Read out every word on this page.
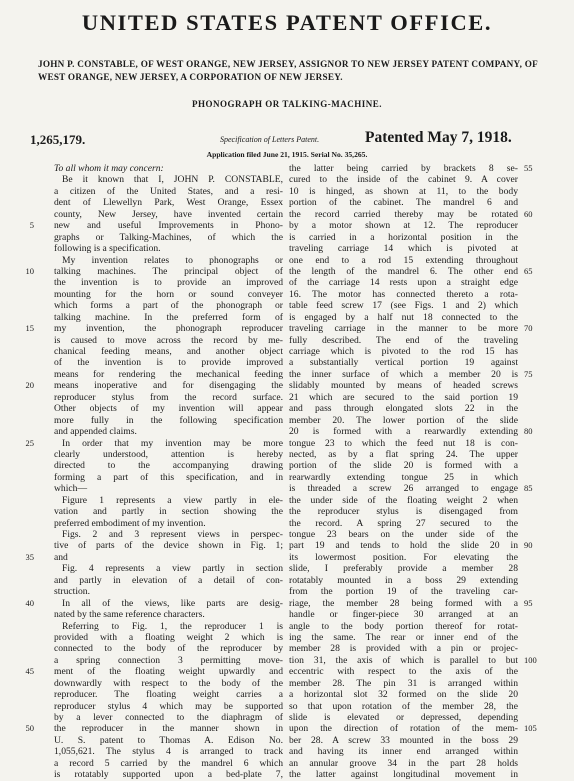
UNITED STATES PATENT OFFICE.
JOHN P. CONSTABLE, OF WEST ORANGE, NEW JERSEY, ASSIGNOR TO NEW JERSEY PATENT COMPANY, OF WEST ORANGE, NEW JERSEY, A CORPORATION OF NEW JERSEY.
PHONOGRAPH OR TALKING-MACHINE.
1,265,179.	Specification of Letters Patent.	Patented May 7, 1918.
Application filed June 21, 1915. Serial No. 35,265.
5
10
15
20
25
35
40
45
50
To all whom it may concern:
Be it known that I, JOHN P. CONSTABLE,
a citizen of the United States, and a resi-
dent of Llewellyn Park, West Orange, Essex
county, New Jersey, have invented certain
new and useful Improvements in Phono-
graphs or Talking-Machines, of which the
following is a specification.
My invention relates to phonographs or
talking machines. The principal object of
the invention is to provide an improved
mounting for the horn or sound conveyer
which forms a part of the phonograph or
talking machine. In the preferred form of
my invention, the phonograph reproducer
is caused to move across the record by me-
chanical feeding means, and another object
of the invention is to provide improved
means for rendering the mechanical feeding
means inoperative and for disengaging the
reproducer stylus from the record surface.
Other objects of my invention will appear
more fully in the following specification
and appended claims.
In order that my invention may be more
clearly understood, attention is hereby
directed to the accompanying drawing
forming a part of this specification, and in
which—
Figure 1 represents a view partly in ele-
vation and partly in section showing the
preferred embodiment of my invention.
Figs. 2 and 3 represent views in perspec-
tive of parts of the device shown in Fig. 1;
and
Fig. 4 represents a view partly in section
and partly in elevation of a detail of con-
struction.
In all of the views, like parts are desig-
nated by the same reference characters.
Referring to Fig. 1, the reproducer 1 is
provided with a floating weight 2 which is
connected to the body of the reproducer by
a spring connection 3 permitting move-
ment of the floating weight upwardly and
downwardly with respect to the body of the
reproducer. The floating weight carries a
reproducer stylus 4 which may be supported
by a lever connected to the diaphragm of
the reproducer in the manner shown in
U. S. patent to Thomas A. Edison No.
1,055,621. The stylus 4 is arranged to track
a record 5 carried by the mandrel 6 which
is rotatably supported upon a bed-plate 7,
the latter being carried by brackets 8 se-
cured to the inside of the cabinet 9. A cover
10 is hinged, as shown at 11, to the body
portion of the cabinet. The mandrel 6 and
the record carried thereby may be rotated
by a motor shown at 12. The reproducer
is carried in a horizontal position in the
traveling carriage 14 which is pivoted at
one end to a rod 15 extending throughout
the length of the mandrel 6. The other end
of the carriage 14 rests upon a straight edge
16. The motor has connected thereto a rota-
table feed screw 17 (see Figs. 1 and 2) which
is engaged by a half nut 18 connected to the
traveling carriage in the manner to be more
fully described. The end of the traveling
carriage which is pivoted to the rod 15 has
a substantially vertical portion 19 against
the inner surface of which a member 20 is
slidably mounted by means of headed screws
21 which are secured to the said portion 19
and pass through elongated slots 22 in the
member 20. The lower portion of the slide
20 is formed with a rearwardly extending
tongue 23 to which the feed nut 18 is con-
nected, as by a flat spring 24. The upper
portion of the slide 20 is formed with a
rearwardly extending tongue 25 in which
is threaded a screw 26 arranged to engage
the under side of the floating weight 2 when
the reproducer stylus is disengaged from
the record. A spring 27 secured to the
tongue 23 bears on the under side of the
part 19 and tends to hold the slide 20 in
its lowermost position. For elevating the
slide, I preferably provide a member 28
rotatably mounted in a boss 29 extending
from the portion 19 of the traveling car-
riage, the member 28 being formed with a
handle or finger-piece 30 arranged at an
angle to the body portion thereof for rotat-
ing the same. The rear or inner end of the
member 28 is provided with a pin or projec-
tion 31, the axis of which is parallel to but
eccentric with respect to the axis of the
member 28. The pin 31 is arranged within
a horizontal slot 32 formed on the slide 20
so that upon rotation of the member 28, the
slide is elevated or depressed, depending
upon the direction of rotation of the mem-
ber 28. A screw 33 mounted in the boss 29
and having its inner end arranged within
an annular groove 34 in the part 28 holds
the latter against longitudinal movement in
55
60
65
70
75
80
85
90
95
100
105
